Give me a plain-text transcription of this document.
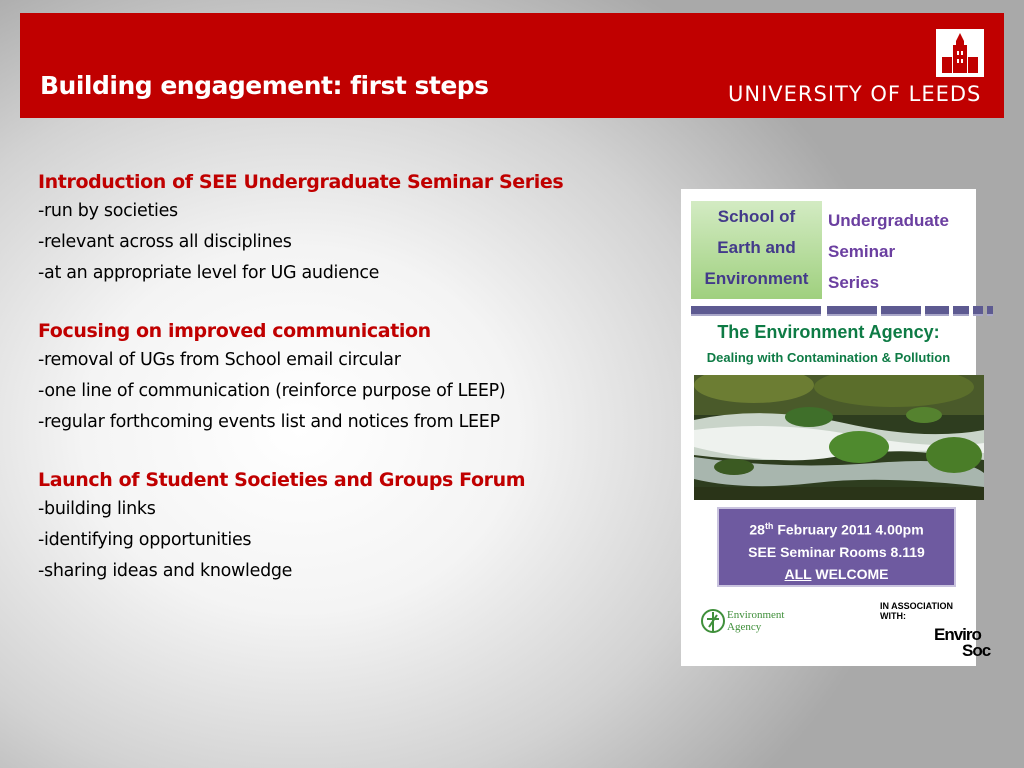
Building engagement: first steps	UNIVERSITY OF LEEDS
Introduction of SEE Undergraduate Seminar Series
-run by societies
-relevant across all disciplines
-at an appropriate level for UG audience
Focusing on improved communication
-removal of UGs from School email circular
-one line of communication (reinforce purpose of LEEP)
-regular forthcoming events list and notices from LEEP
Launch of Student Societies and Groups Forum
-building links
-identifying opportunities
-sharing ideas and knowledge
School of
Earth and
Environment
Undergraduate
Seminar
Series
The Environment Agency:
Dealing with Contamination & Pollution
28th February 2011 4.00pm
SEE Seminar Rooms 8.119
ALL WELCOME
IN ASSOCIATION WITH:
Environment
Agency	Enviro
Soc
